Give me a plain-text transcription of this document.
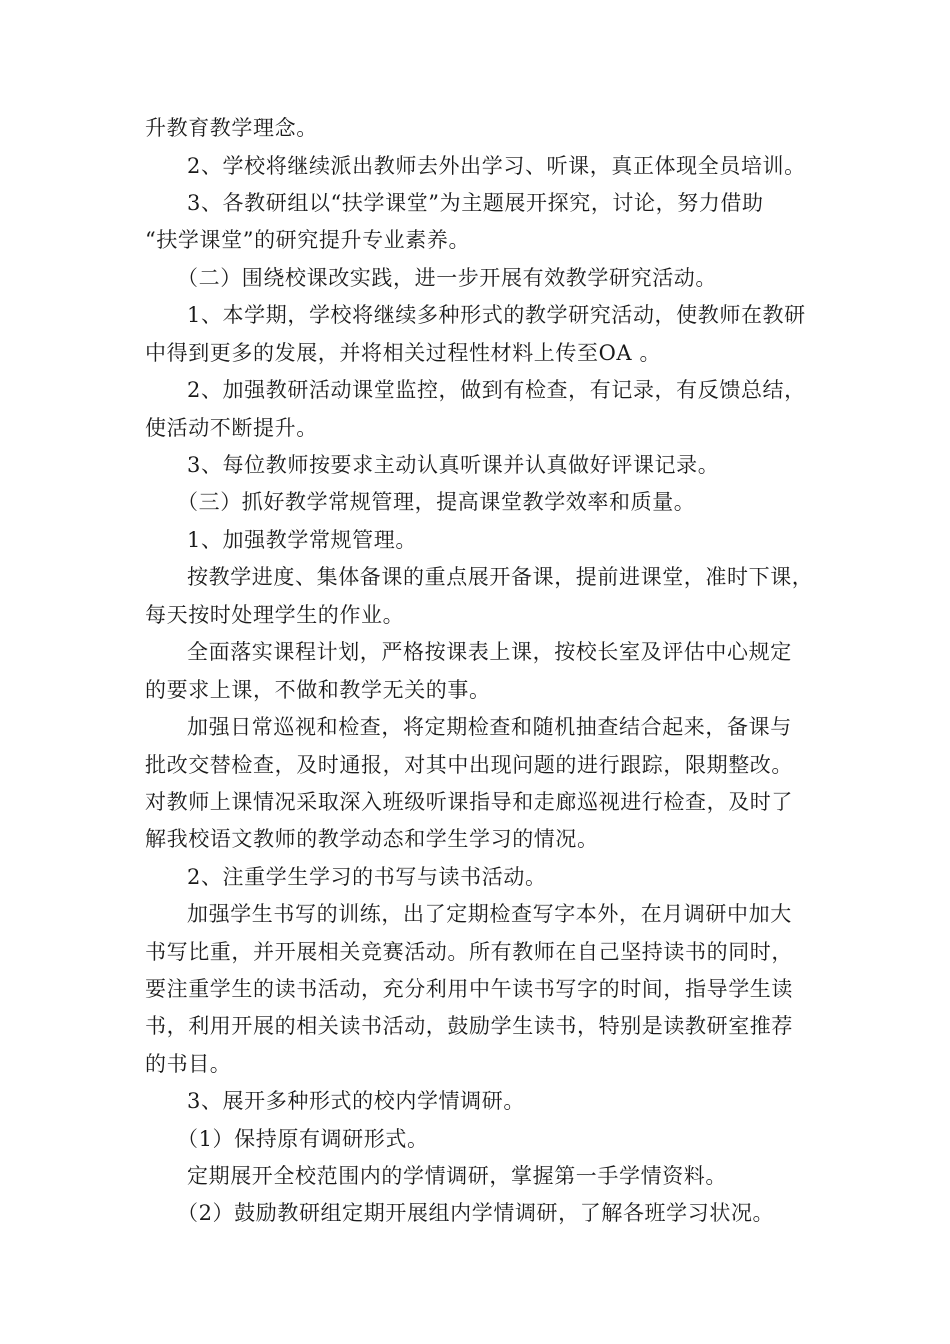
升教育教学理念。
2、学校将继续派出教师去外出学习、听课，真正体现全员培训。
3、各教研组以“扶学课堂”为主题展开探究，讨论，努力借助
“扶学课堂”的研究提升专业素养。
（二）围绕校课改实践，进一步开展有效教学研究活动。
1、本学期，学校将继续多种形式的教学研究活动，使教师在教研
中得到更多的发展，并将相关过程性材料上传至OA 。
2、加强教研活动课堂监控，做到有检查，有记录，有反馈总结，
使活动不断提升。
3、每位教师按要求主动认真听课并认真做好评课记录。
（三）抓好教学常规管理，提高课堂教学效率和质量。
1、加强教学常规管理。
按教学进度、集体备课的重点展开备课，提前进课堂，准时下课，
每天按时处理学生的作业。
全面落实课程计划，严格按课表上课，按校长室及评估中心规定
的要求上课，不做和教学无关的事。
加强日常巡视和检查，将定期检查和随机抽查结合起来，备课与
批改交替检查，及时通报，对其中出现问题的进行跟踪，限期整改。
对教师上课情况采取深入班级听课指导和走廊巡视进行检查，及时了
解我校语文教师的教学动态和学生学习的情况。
2、注重学生学习的书写与读书活动。
加强学生书写的训练，出了定期检查写字本外，在月调研中加大
书写比重，并开展相关竞赛活动。所有教师在自己坚持读书的同时，
要注重学生的读书活动，充分利用中午读书写字的时间，指导学生读
书，利用开展的相关读书活动，鼓励学生读书，特别是读教研室推荐
的书目。
3、展开多种形式的校内学情调研。
（1）保持原有调研形式。
定期展开全校范围内的学情调研，掌握第一手学情资料。
（2）鼓励教研组定期开展组内学情调研，了解各班学习状况。
